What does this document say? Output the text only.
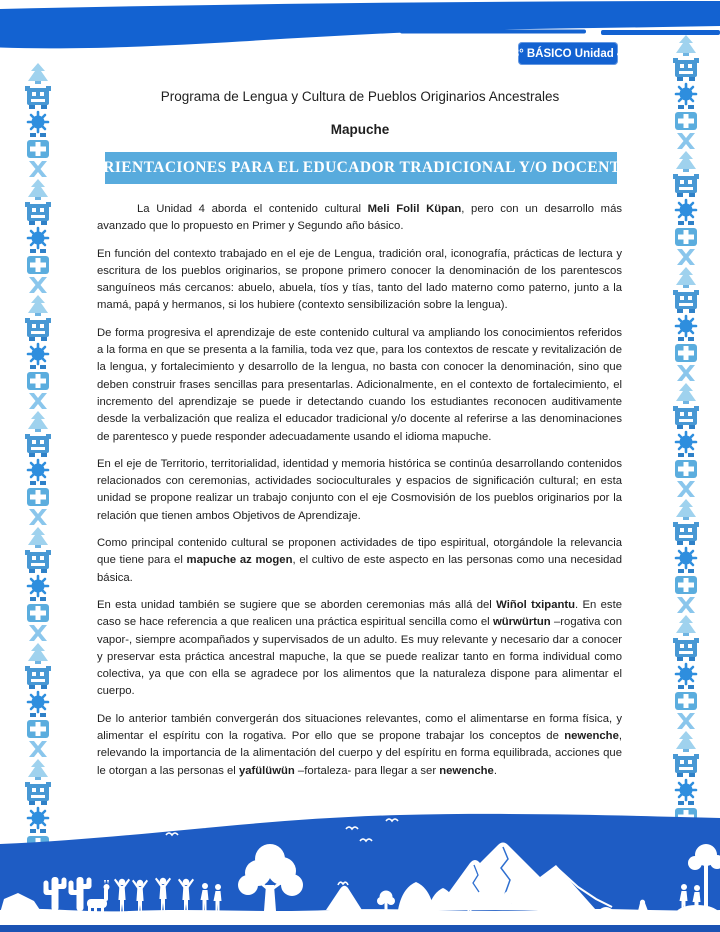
3° BÁSICO Unidad 4
Programa de Lengua y Cultura de Pueblos Originarios Ancestrales
Mapuche
ORIENTACIONES PARA EL EDUCADOR TRADICIONAL Y/O DOCENTE

La Unidad 4 aborda el contenido cultural Meli Folil Küpan, pero con un desarrollo más avanzado que lo propuesto en Primer y Segundo año básico.

En función del contexto trabajado en el eje de Lengua, tradición oral, iconografía, prácticas de lectura y escritura de los pueblos originarios, se propone primero conocer la denominación de los parentescos sanguíneos más cercanos: abuelo, abuela, tíos y tías, tanto del lado materno como paterno, junto a la mamá, papá y hermanos, si los hubiere (contexto sensibilización sobre la lengua).

De forma progresiva el aprendizaje de este contenido cultural va ampliando los conocimientos referidos a la forma en que se presenta a la familia, toda vez que, para los contextos de rescate y revitalización de la lengua, y fortalecimiento y desarrollo de la lengua, no basta con conocer la denominación, sino que deben construir frases sencillas para presentarlas. Adicionalmente, en el contexto de fortalecimiento, el incremento del aprendizaje se puede ir detectando cuando los estudiantes reconocen auditivamente desde la verbalización que realiza el educador tradicional y/o docente al referirse a las denominaciones de parentesco y puede responder adecuadamente usando el idioma mapuche.

En el eje de Territorio, territorialidad, identidad y memoria histórica se continúa desarrollando contenidos relacionados con ceremonias, actividades socioculturales y espacios de significación cultural; en esta unidad se propone realizar un trabajo conjunto con el eje Cosmovisión de los pueblos originarios por la relación que tienen ambos Objetivos de Aprendizaje.

Como principal contenido cultural se proponen actividades de tipo espiritual, otorgándole la relevancia que tiene para el mapuche az mogen, el cultivo de este aspecto en las personas como una necesidad básica.

En esta unidad también se sugiere que se aborden ceremonias más allá del Wiñol txipantu. En este caso se hace referencia a que realicen una práctica espiritual sencilla como el würwürtun –rogativa con vapor-, siempre acompañados y supervisados de un adulto. Es muy relevante y necesario dar a conocer y preservar esta práctica ancestral mapuche, la que se puede realizar tanto en forma individual como colectiva, ya que con ella se agradece por los alimentos que la naturaleza dispone para alimentar el cuerpo.

De lo anterior también convergerán dos situaciones relevantes, como el alimentarse en forma física, y alimentar el espíritu con la rogativa. Por ello que se propone trabajar los conceptos de newenche, relevando la importancia de la alimentación del cuerpo y del espíritu en forma equilibrada, acciones que le otorgan a las personas el yafülüwün –fortaleza- para llegar a ser newenche.
